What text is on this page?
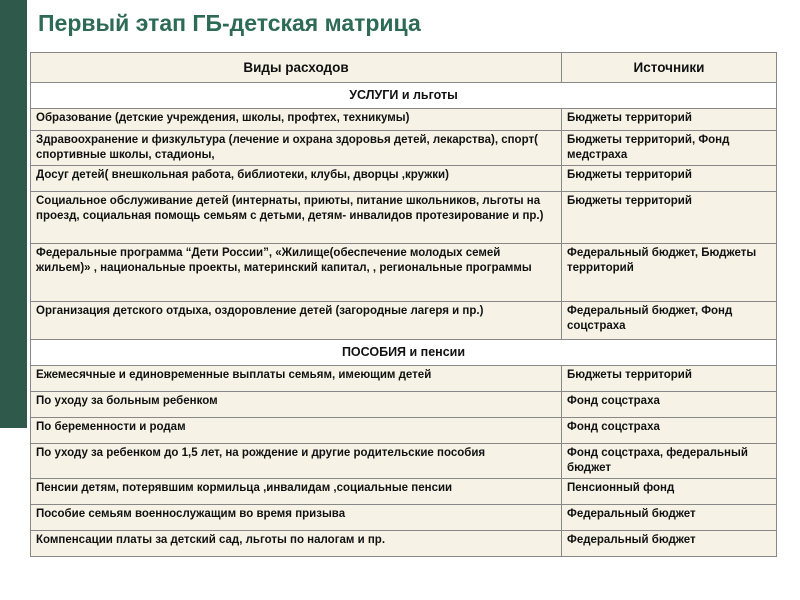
Первый этап ГБ-детская матрица
Виды расходов	Источники
УСЛУГИ и льготы	
Образование (детские учреждения, школы, профтех, техникумы)	Бюджеты территорий
Здравоохранение и физкультура (лечение и охрана здоровья детей, лекарства), спорт( спортивные школы, стадионы,	Бюджеты территорий, Фонд медстраха
Досуг детей( внешкольная работа, библиотеки, клубы, дворцы ,кружки)	Бюджеты территорий
Социальное обслуживание детей (интернаты, приюты, питание школьников, льготы на проезд, социальная помощь семьям с детьми, детям- инвалидов протезирование и пр.)	Бюджеты территорий
Федеральные программа “Дети России”, «Жилище(обеспечение молодых семей жильем)» , национальные проекты, материнский капитал, , региональные программы	Федеральный бюджет, Бюджеты территорий
Организация детского отдыха, оздоровление детей (загородные лагеря и пр.)	Федеральный бюджет, Фонд соцстраха
ПОСОБИЯ и пенсии	
Ежемесячные и единовременные выплаты семьям, имеющим детей	Бюджеты территорий
По уходу за больным ребенком	Фонд соцстраха
По беременности и родам	Фонд соцстраха
По уходу за ребенком до 1,5 лет, на рождение и другие родительские пособия	Фонд соцстраха, федеральный бюджет
Пенсии детям, потерявшим кормильца ,инвалидам ,социальные пенсии	Пенсионный фонд
Пособие семьям военнослужащим во время призыва	Федеральный бюджет
Компенсации платы за детский сад, льготы по налогам и пр.	Федеральный бюджет
